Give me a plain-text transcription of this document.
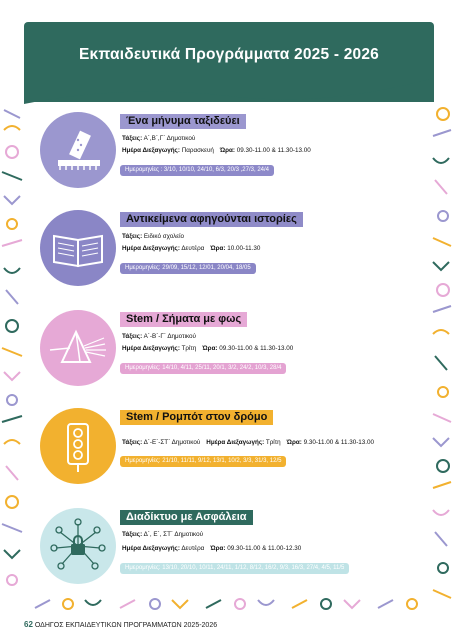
Εκπαιδευτικά Προγράμματα 2025 - 2026
Ένα μήνυμα ταξιδεύει
Τάξεις: Α΄,Β΄,Γ΄ Δημοτικού
Ημέρα Διεξαγωγής: Παρασκευή Ώρα: 09.30-11.00 & 11.30-13.00
Ημερομηνίες : 3/10, 10/10, 24/10, 6/3, 20/3 ,27/3, 24/4
Αντικείμενα αφηγούνται ιστορίες
Τάξεις: Ειδικό σχολείο
Ημέρα Διεξαγωγής: Δευτέρα Ώρα: 10.00-11.30
Ημερομηνίες: 29/09, 15/12, 12/01, 20/04, 18/05
Stem / Σήματα με φως
Τάξεις: Α΄-Β΄-Γ΄ Δημοτικού
Ημέρα Διεξαγωγής: Τρίτη Ώρα: 09.30-11.00 & 11.30-13.00
Ημερομηνίες: 14/10, 4/11, 25/11, 20/1, 3/2, 24/2, 10/3, 28/4
Stem / Ρομπότ στον δρόμο
Τάξεις: Δ΄-Ε΄-ΣΤ΄ Δημοτικού Ημέρα Διεξαγωγής: Τρίτη Ώρα: 9.30-11.00 & 11.30-13.00
Ημερομηνίες: 21/10, 11/11, 9/12, 13/1, 10/2, 3/3, 31/3, 12/5
Διαδίκτυο με Ασφάλεια
Τάξεις: Δ΄, Ε΄, ΣΤ΄ Δημοτικού
Ημέρα Διεξαγωγής: Δευτέρα Ώρα: 09.30-11.00 & 11.00-12.30
Ημερομηνίες: 13/10, 20/10, 10/11, 24/11, 1/12, 8/12, 16/2, 9/3, 16/3, 27/4, 4/5, 11/5
62 ΟΔΗΓΟΣ ΕΚΠΑΙΔΕΥΤΙΚΩΝ ΠΡΟΓΡΑΜΜΑΤΩΝ 2025-2026
